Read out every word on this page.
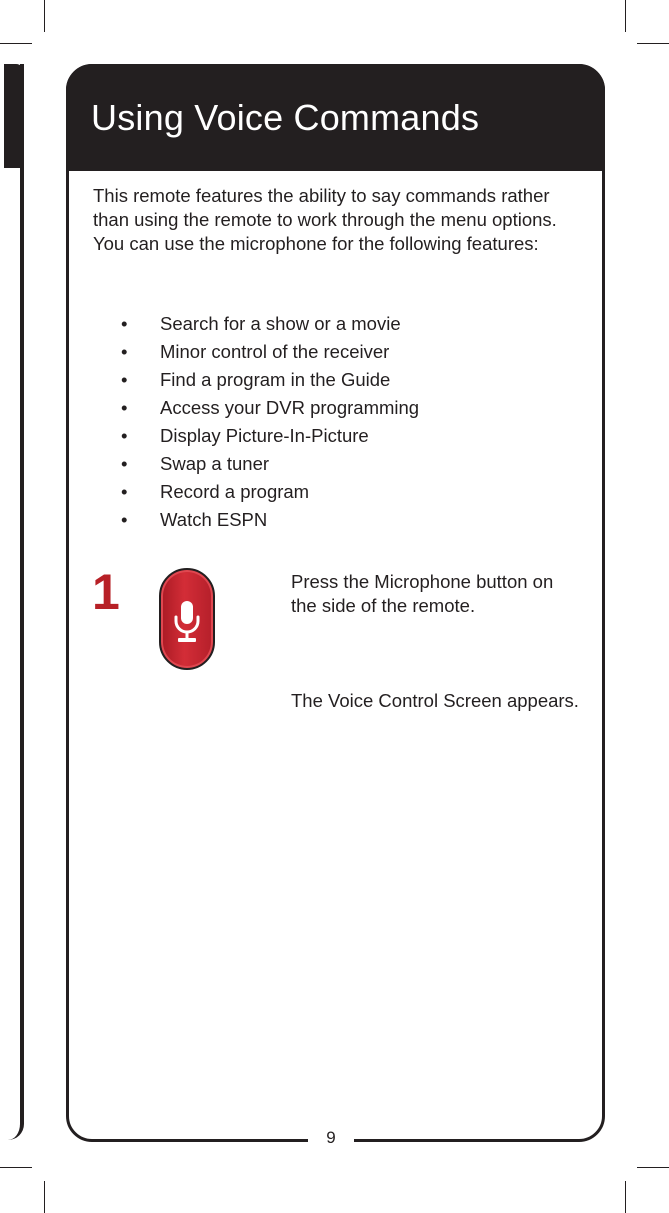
Using Voice Commands

This remote features the ability to say commands rather than using the remote to work through the menu options. You can use the microphone for the following features:

• Search for a show or a movie
• Minor control of the receiver
• Find a program in the Guide
• Access your DVR programming
• Display Picture-In-Picture
• Swap a tuner
• Record a program
• Watch ESPN
1	Press the Microphone button on the side of the remote.

The Voice Control Screen appears.

9
